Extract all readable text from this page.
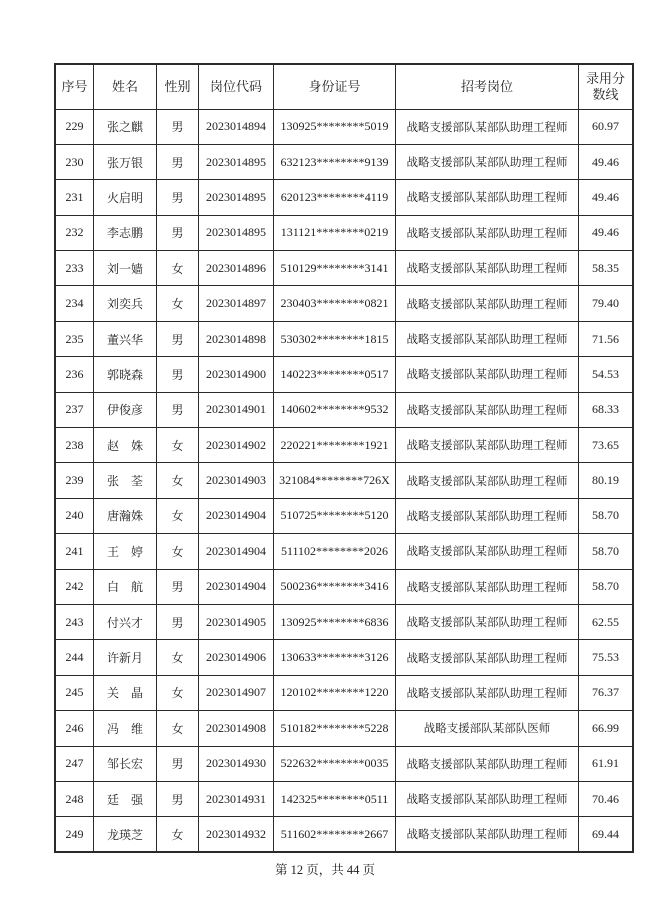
序号	姓名	性别	岗位代码	身份证号	招考岗位	录用分数线
229	张之麒	男	2023014894	130925********5019	战略支援部队某部队助理工程师	60.97
230	张万银	男	2023014895	632123********9139	战略支援部队某部队助理工程师	49.46
231	火启明	男	2023014895	620123********4119	战略支援部队某部队助理工程师	49.46
232	李志鹏	男	2023014895	131121********0219	战略支援部队某部队助理工程师	49.46
233	刘一嫱	女	2023014896	510129********3141	战略支援部队某部队助理工程师	58.35
234	刘奕兵	女	2023014897	230403********0821	战略支援部队某部队助理工程师	79.40
235	董兴华	男	2023014898	530302********1815	战略支援部队某部队助理工程师	71.56
236	郭晓森	男	2023014900	140223********0517	战略支援部队某部队助理工程师	54.53
237	伊俊彦	男	2023014901	140602********9532	战略支援部队某部队助理工程师	68.33
238	赵　姝	女	2023014902	220221********1921	战略支援部队某部队助理工程师	73.65
239	张　荃	女	2023014903	321084********726X	战略支援部队某部队助理工程师	80.19
240	唐瀚姝	女	2023014904	510725********5120	战略支援部队某部队助理工程师	58.70
241	王　婷	女	2023014904	511102********2026	战略支援部队某部队助理工程师	58.70
242	白　航	男	2023014904	500236********3416	战略支援部队某部队助理工程师	58.70
243	付兴才	男	2023014905	130925********6836	战略支援部队某部队助理工程师	62.55
244	许新月	女	2023014906	130633********3126	战略支援部队某部队助理工程师	75.53
245	关　晶	女	2023014907	120102********1220	战略支援部队某部队助理工程师	76.37
246	冯　维	女	2023014908	510182********5228	战略支援部队某部队医师	66.99
247	邹长宏	男	2023014930	522632********0035	战略支援部队某部队助理工程师	61.91
248	廷　强	男	2023014931	142325********0511	战略支援部队某部队助理工程师	70.46
249	龙瑛芝	女	2023014932	511602********2667	战略支援部队某部队助理工程师	69.44
第 12 页，共 44 页
